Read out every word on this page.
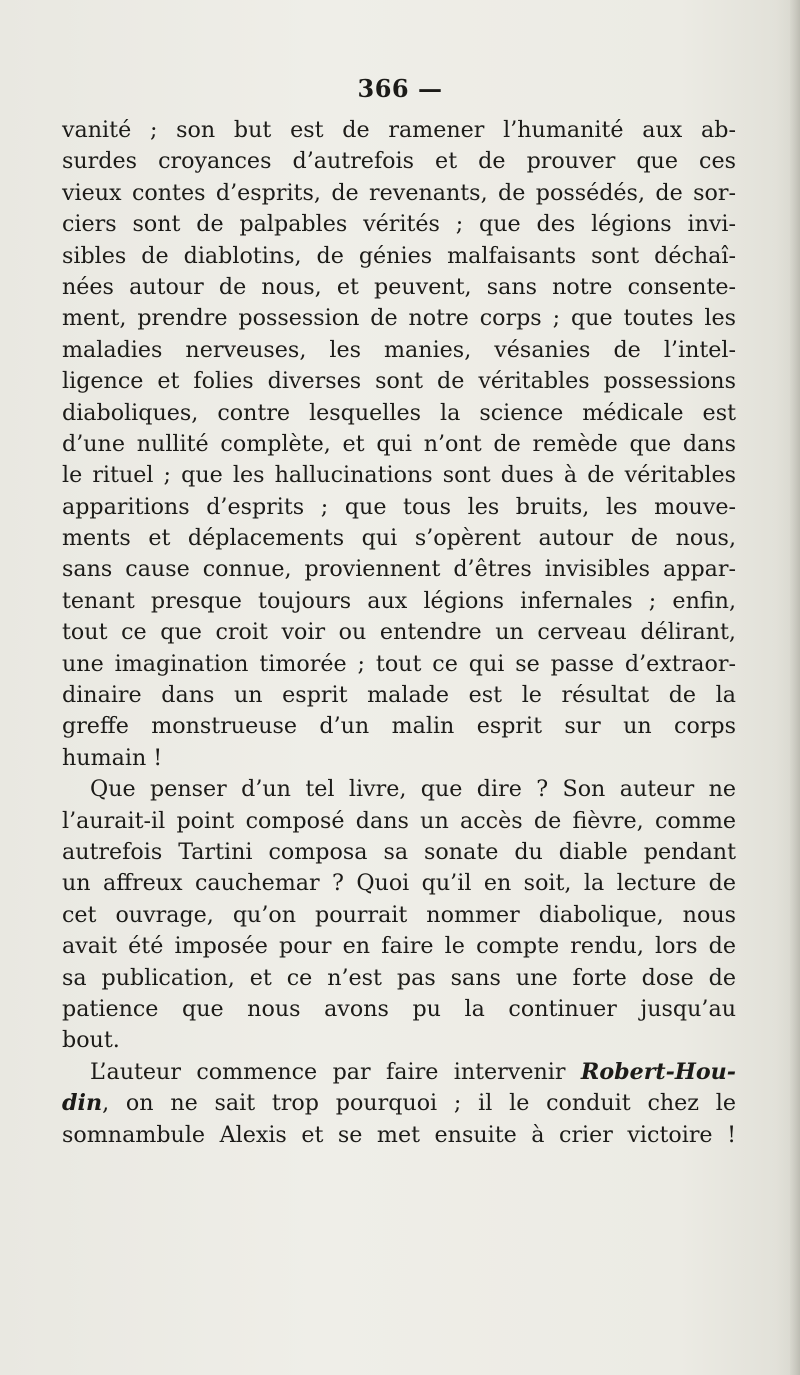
366 —
vanité ; son but est de ramener l’humanité aux ab-
surdes croyances d’autrefois et de prouver que ces
vieux contes d’esprits, de revenants, de possédés, de sor-
ciers sont de palpables vérités ; que des légions invi-
sibles de diablotins, de génies malfaisants sont déchaî-
nées autour de nous, et peuvent, sans notre consente-
ment, prendre possession de notre corps ; que toutes les
maladies nerveuses, les manies, vésanies de l’intel-
ligence et folies diverses sont de véritables possessions
diaboliques, contre lesquelles la science médicale est
d’une nullité complète, et qui n’ont de remède que dans
le rituel ; que les hallucinations sont dues à de véritables
apparitions d’esprits ; que tous les bruits, les mouve-
ments et déplacements qui s’opèrent autour de nous,
sans cause connue, proviennent d’êtres invisibles appar-
tenant presque toujours aux légions infernales ; enfin,
tout ce que croit voir ou entendre un cerveau délirant,
une imagination timorée ; tout ce qui se passe d’extraor-
dinaire dans un esprit malade est le résultat de la
greffe monstrueuse d’un malin esprit sur un corps
humain !
Que penser d’un tel livre, que dire ? Son auteur ne
l’aurait-il point composé dans un accès de fièvre, comme
autrefois Tartini composa sa sonate du diable pendant
un affreux cauchemar ? Quoi qu’il en soit, la lecture de
cet ouvrage, qu’on pourrait nommer diabolique, nous
avait été imposée pour en faire le compte rendu, lors de
sa publication, et ce n’est pas sans une forte dose de
patience que nous avons pu la continuer jusqu’au
bout.
L’auteur commence par faire intervenir Robert-Hou-
din, on ne sait trop pourquoi ; il le conduit chez le
somnambule Alexis et se met ensuite à crier victoire !
